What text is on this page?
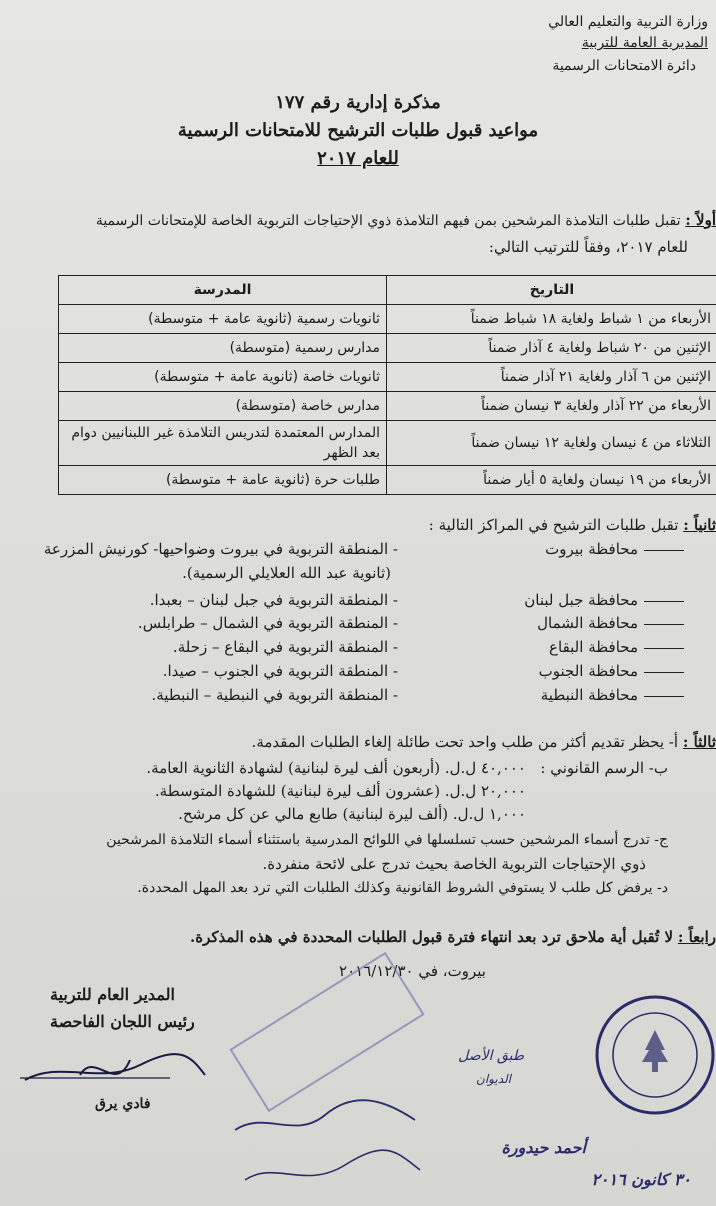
وزارة التربية والتعليم العالي
المديرية العامة للتربية
دائرة الامتحانات الرسمية
مذكرة إدارية رقم ١٧٧
مواعيد قبول طلبات الترشيح للامتحانات الرسمية
للعام ٢٠١٧
أولاً : تقبل طلبات التلامذة المرشحين بمن فيهم التلامذة ذوي الإحتياجات التربوية الخاصة للإمتحانات الرسمية
للعام ٢٠١٧، وفقاً للترتيب التالي:
التاريخ	المدرسة
الأربعاء من ١ شباط ولغاية ١٨ شباط ضمناً	ثانويات رسمية (ثانوية عامة + متوسطة)
الإثنين من ٢٠ شباط ولغاية ٤ آذار ضمناً	مدارس رسمية (متوسطة)
الإثنين من ٦ آذار ولغاية ٢١ آذار ضمناً	ثانويات خاصة (ثانوية عامة + متوسطة)
الأربعاء من ٢٢ آذار ولغاية ٣ نيسان ضمناً	مدارس خاصة (متوسطة)
الثلاثاء من ٤ نيسان ولغاية ١٢ نيسان ضمناً	المدارس المعتمدة لتدريس التلامذة غير اللبنانيين دوام بعد الظهر
الأربعاء من ١٩ نيسان ولغاية ٥ أيار ضمناً	طلبات حرة (ثانوية عامة + متوسطة)
ثانياً : تقبل طلبات الترشيح في المراكز التالية :
محافظة بيروت
- المنطقة التربوية في بيروت وضواحيها- كورنيش المزرعة
(ثانوية عبد الله العلايلي الرسمية).
محافظة جبل لبنان
- المنطقة التربوية في جبل لبنان – بعبدا.
محافظة الشمال
- المنطقة التربوية في الشمال – طرابلس.
محافظة البقاع
- المنطقة التربوية في البقاع – زحلة.
محافظة الجنوب
- المنطقة التربوية في الجنوب – صيدا.
محافظة النبطية
- المنطقة التربوية في النبطية – النبطية.
ثالثاً : أ- يحظر تقديم أكثر من طلب واحد تحت طائلة إلغاء الطلبات المقدمة.
ب- الرسم القانوني :
٤٠,٠٠٠ ل.ل. (أربعون ألف ليرة لبنانية) لشهادة الثانوية العامة.
٢٠,٠٠٠ ل.ل. (عشرون ألف ليرة لبنانية) للشهادة المتوسطة.
١,٠٠٠ ل.ل. (ألف ليرة لبنانية) طابع مالي عن كل مرشح.
ج- تدرج أسماء المرشحين حسب تسلسلها في اللوائح المدرسية باستثناء أسماء التلامذة المرشحين
ذوي الإحتياجات التربوية الخاصة بحيث تدرج على لائحة منفردة.
د- يرفض كل طلب لا يستوفي الشروط القانونية وكذلك الطلبات التي ترد بعد المهل المحددة.
رابعاً : لا تُقبل أية ملاحق ترد بعد انتهاء فترة قبول الطلبات المحددة في هذه المذكرة.
بيروت، في ٢٠١٦/١٢/٣٠
المدير العام للتربية
رئيس اللجان الفاحصة
فادي يرق
طبق الأصل
الديوان
أحمد حيدورة
٣٠ كانون ٢٠١٦
